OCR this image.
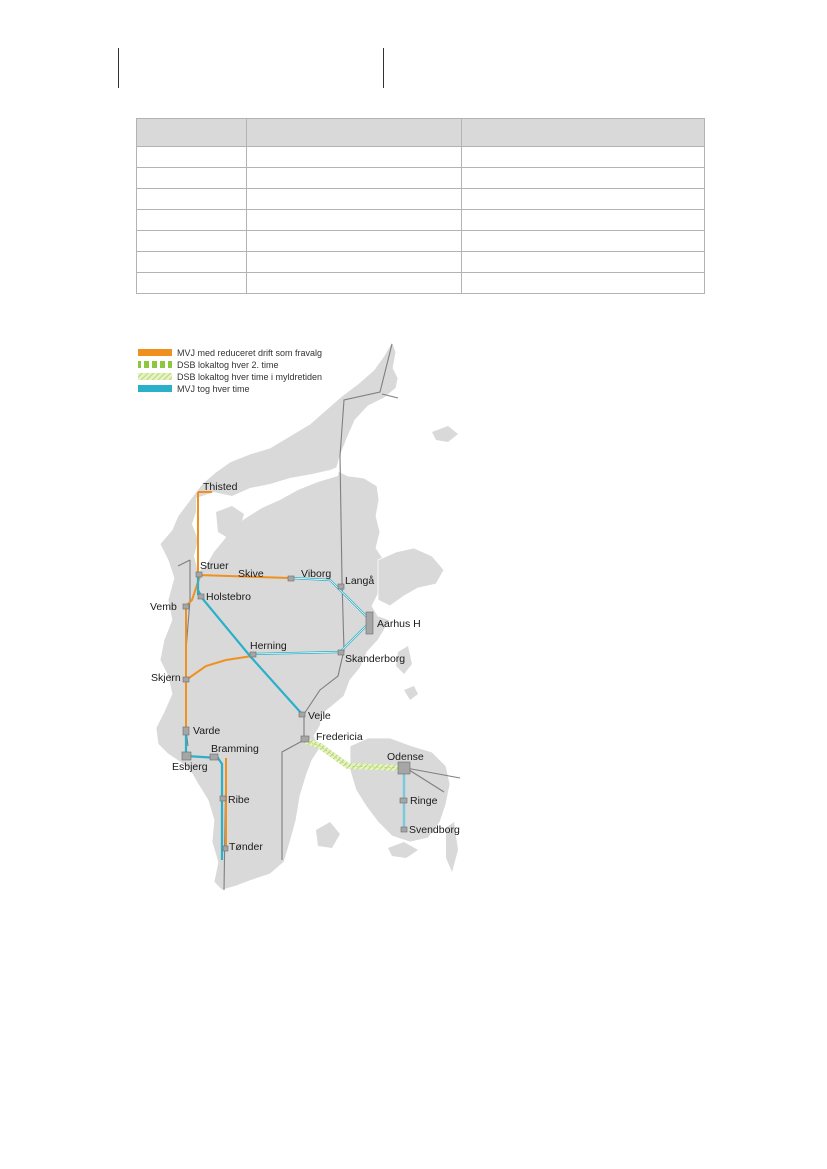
MVJ med reduceret drift som fravalg
DSB lokaltog hver 2. time
DSB lokaltog hver time i myldretiden
MVJ tog hver time
Thisted
Struer
Skive	Viborg
Langå
Holstebro
Vemb
Aarhus H
Herning
Skanderborg
Skjern
Vejle
Varde	Fredericia
Bramming
Odense
Esbjerg
Ribe	Ringe
Svendborg
Tønder
